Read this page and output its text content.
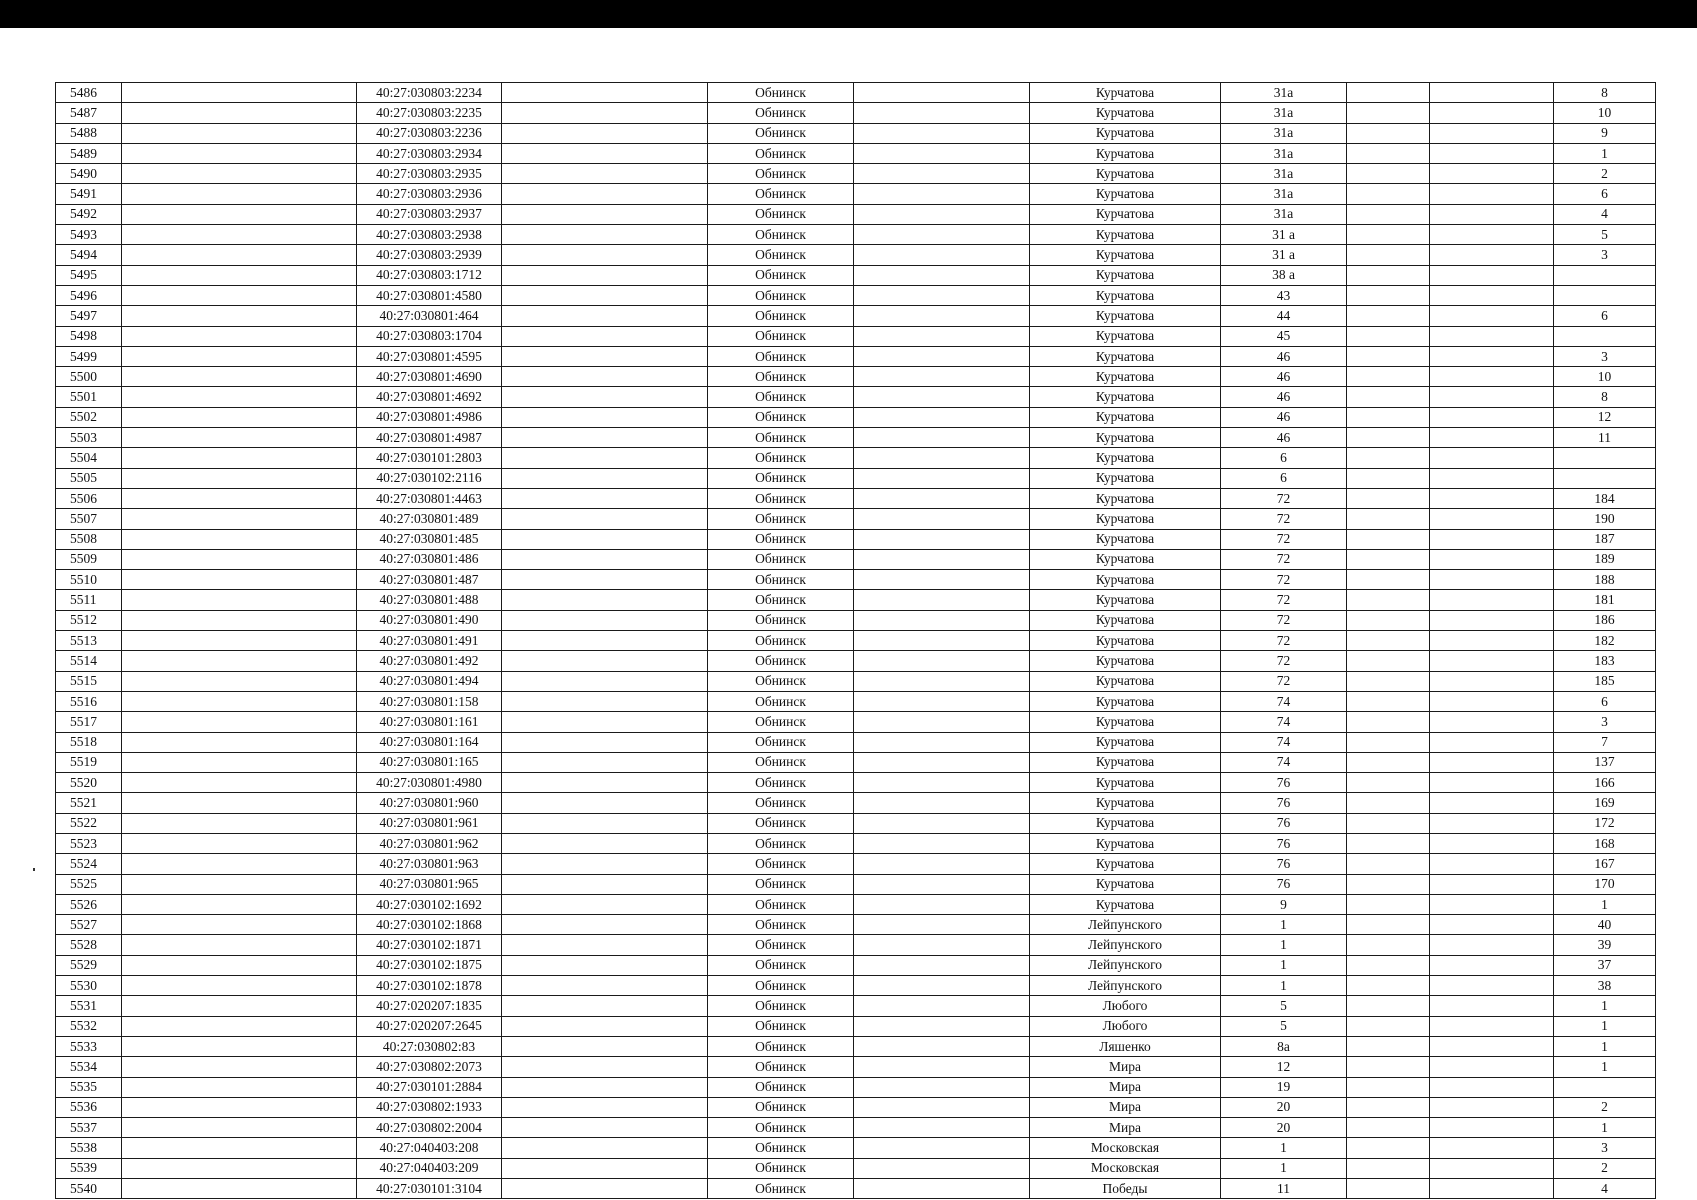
5486		40:27:030803:2234		Обнинск		Курчатова	31а			8
5487		40:27:030803:2235		Обнинск		Курчатова	31а			10
5488		40:27:030803:2236		Обнинск		Курчатова	31а			9
5489		40:27:030803:2934		Обнинск		Курчатова	31а			1
5490		40:27:030803:2935		Обнинск		Курчатова	31а			2
5491		40:27:030803:2936		Обнинск		Курчатова	31а			6
5492		40:27:030803:2937		Обнинск		Курчатова	31а			4
5493		40:27:030803:2938		Обнинск		Курчатова	31 а			5
5494		40:27:030803:2939		Обнинск		Курчатова	31 а			3
5495		40:27:030803:1712		Обнинск		Курчатова	38 а			
5496		40:27:030801:4580		Обнинск		Курчатова	43			
5497		40:27:030801:464		Обнинск		Курчатова	44			6
5498		40:27:030803:1704		Обнинск		Курчатова	45			
5499		40:27:030801:4595		Обнинск		Курчатова	46			3
5500		40:27:030801:4690		Обнинск		Курчатова	46			10
5501		40:27:030801:4692		Обнинск		Курчатова	46			8
5502		40:27:030801:4986		Обнинск		Курчатова	46			12
5503		40:27:030801:4987		Обнинск		Курчатова	46			11
5504		40:27:030101:2803		Обнинск		Курчатова	6			
5505		40:27:030102:2116		Обнинск		Курчатова	6			
5506		40:27:030801:4463		Обнинск		Курчатова	72			184
5507		40:27:030801:489		Обнинск		Курчатова	72			190
5508		40:27:030801:485		Обнинск		Курчатова	72			187
5509		40:27:030801:486		Обнинск		Курчатова	72			189
5510		40:27:030801:487		Обнинск		Курчатова	72			188
5511		40:27:030801:488		Обнинск		Курчатова	72			181
5512		40:27:030801:490		Обнинск		Курчатова	72			186
5513		40:27:030801:491		Обнинск		Курчатова	72			182
5514		40:27:030801:492		Обнинск		Курчатова	72			183
5515		40:27:030801:494		Обнинск		Курчатова	72			185
5516		40:27:030801:158		Обнинск		Курчатова	74			6
5517		40:27:030801:161		Обнинск		Курчатова	74			3
5518		40:27:030801:164		Обнинск		Курчатова	74			7
5519		40:27:030801:165		Обнинск		Курчатова	74			137
5520		40:27:030801:4980		Обнинск		Курчатова	76			166
5521		40:27:030801:960		Обнинск		Курчатова	76			169
5522		40:27:030801:961		Обнинск		Курчатова	76			172
5523		40:27:030801:962		Обнинск		Курчатова	76			168
5524		40:27:030801:963		Обнинск		Курчатова	76			167
5525		40:27:030801:965		Обнинск		Курчатова	76			170
5526		40:27:030102:1692		Обнинск		Курчатова	9			1
5527		40:27:030102:1868		Обнинск		Лейпунского	1			40
5528		40:27:030102:1871		Обнинск		Лейпунского	1			39
5529		40:27:030102:1875		Обнинск		Лейпунского	1			37
5530		40:27:030102:1878		Обнинск		Лейпунского	1			38
5531		40:27:020207:1835		Обнинск		Любого	5			1
5532		40:27:020207:2645		Обнинск		Любого	5			1
5533		40:27:030802:83		Обнинск		Ляшенко	8а			1
5534		40:27:030802:2073		Обнинск		Мира	12			1
5535		40:27:030101:2884		Обнинск		Мира	19			
5536		40:27:030802:1933		Обнинск		Мира	20			2
5537		40:27:030802:2004		Обнинск		Мира	20			1
5538		40:27:040403:208		Обнинск		Московская	1			3
5539		40:27:040403:209		Обнинск		Московская	1			2
5540		40:27:030101:3104		Обнинск		Победы	11			4
